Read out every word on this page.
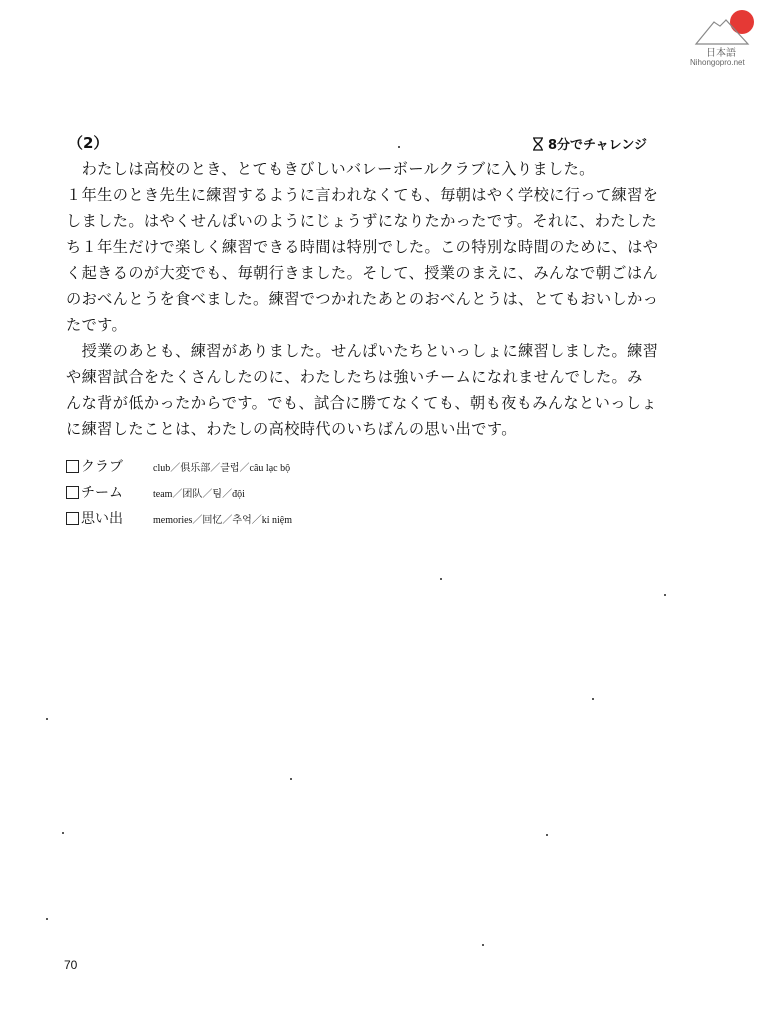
日本語
Nihongopro.net
（2）	8分でチャレンジ
　わたしは高校のとき、とてもきびしいバレーボールクラブに入りました。
１年生のとき先生に練習するように言われなくても、毎朝はやく学校に行って練習を
しました。はやくせんぱいのようにじょうずになりたかったです。それに、わたした
ち１年生だけで楽しく練習できる時間は特別でした。この特別な時間のために、はや
く起きるのが大変でも、毎朝行きました。そして、授業のまえに、みんなで朝ごはん
のおべんとうを食べました。練習でつかれたあとのおべんとうは、とてもおいしかっ
たです。
　授業のあとも、練習がありました。せんぱいたちといっしょに練習しました。練習
や練習試合をたくさんしたのに、わたしたちは強いチームになれませんでした。み
んな背が低かったからです。でも、試合に勝てなくても、朝も夜もみんなといっしょ
に練習したことは、わたしの高校時代のいちばんの思い出です。
クラブ	club／俱乐部／클럽／câu lạc bộ
チーム	team／团队／팀／đội
思い出	memories／回忆／추억／kỉ niệm
70
